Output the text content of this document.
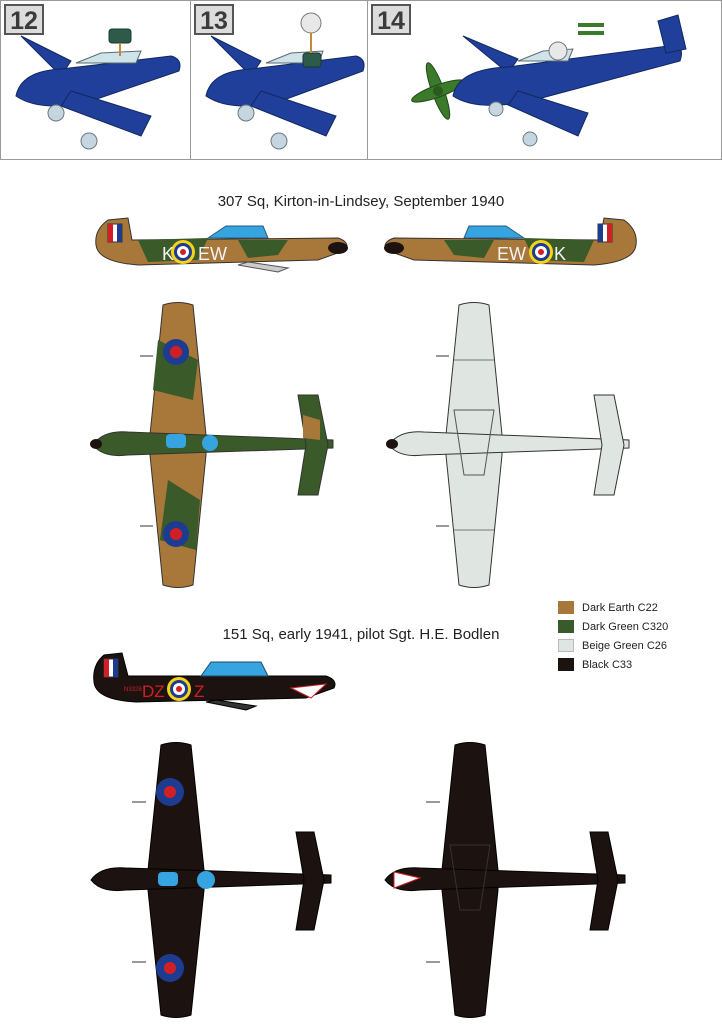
12	13	14
307 Sq, Kirton-in-Lindsey, September 1940
K EW	EW K
Dark Earth C22
Dark Green C320
Beige Green C26
Black C33
151 Sq, early 1941, pilot Sgt. H.E. Bodlen
DZ Z
N3328
